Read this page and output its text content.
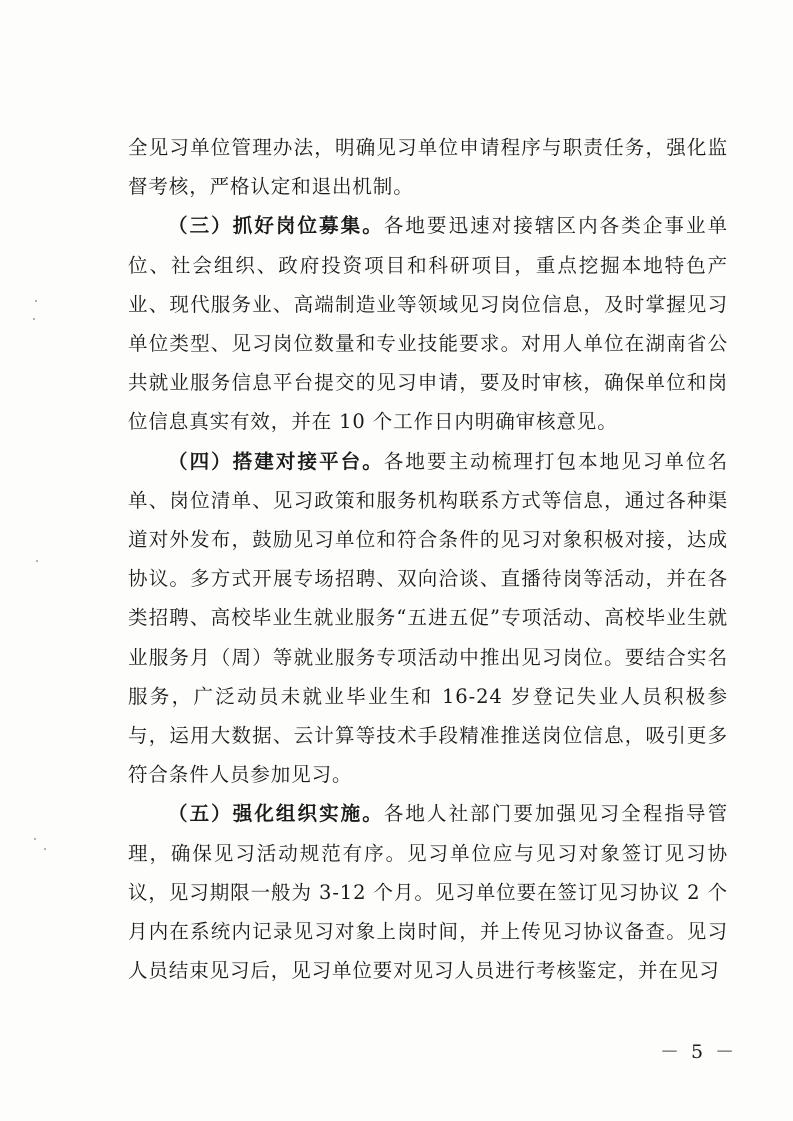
全见习单位管理办法，明确见习单位申请程序与职责任务，强化监督考核，严格认定和退出机制。

（三）抓好岗位募集。各地要迅速对接辖区内各类企事业单位、社会组织、政府投资项目和科研项目，重点挖掘本地特色产业、现代服务业、高端制造业等领域见习岗位信息，及时掌握见习单位类型、见习岗位数量和专业技能要求。对用人单位在湖南省公共就业服务信息平台提交的见习申请，要及时审核，确保单位和岗位信息真实有效，并在 10 个工作日内明确审核意见。

（四）搭建对接平台。各地要主动梳理打包本地见习单位名单、岗位清单、见习政策和服务机构联系方式等信息，通过各种渠道对外发布，鼓励见习单位和符合条件的见习对象积极对接，达成协议。多方式开展专场招聘、双向洽谈、直播待岗等活动，并在各类招聘、高校毕业生就业服务“五进五促”专项活动、高校毕业生就业服务月（周）等就业服务专项活动中推出见习岗位。要结合实名服务，广泛动员未就业毕业生和 16-24 岁登记失业人员积极参与，运用大数据、云计算等技术手段精准推送岗位信息，吸引更多符合条件人员参加见习。

（五）强化组织实施。各地人社部门要加强见习全程指导管理，确保见习活动规范有序。见习单位应与见习对象签订见习协议，见习期限一般为 3-12 个月。见习单位要在签订见习协议 2 个月内在系统内记录见习对象上岗时间，并上传见习协议备查。见习人员结束见习后，见习单位要对见习人员进行考核鉴定，并在见习

－ 5 －
